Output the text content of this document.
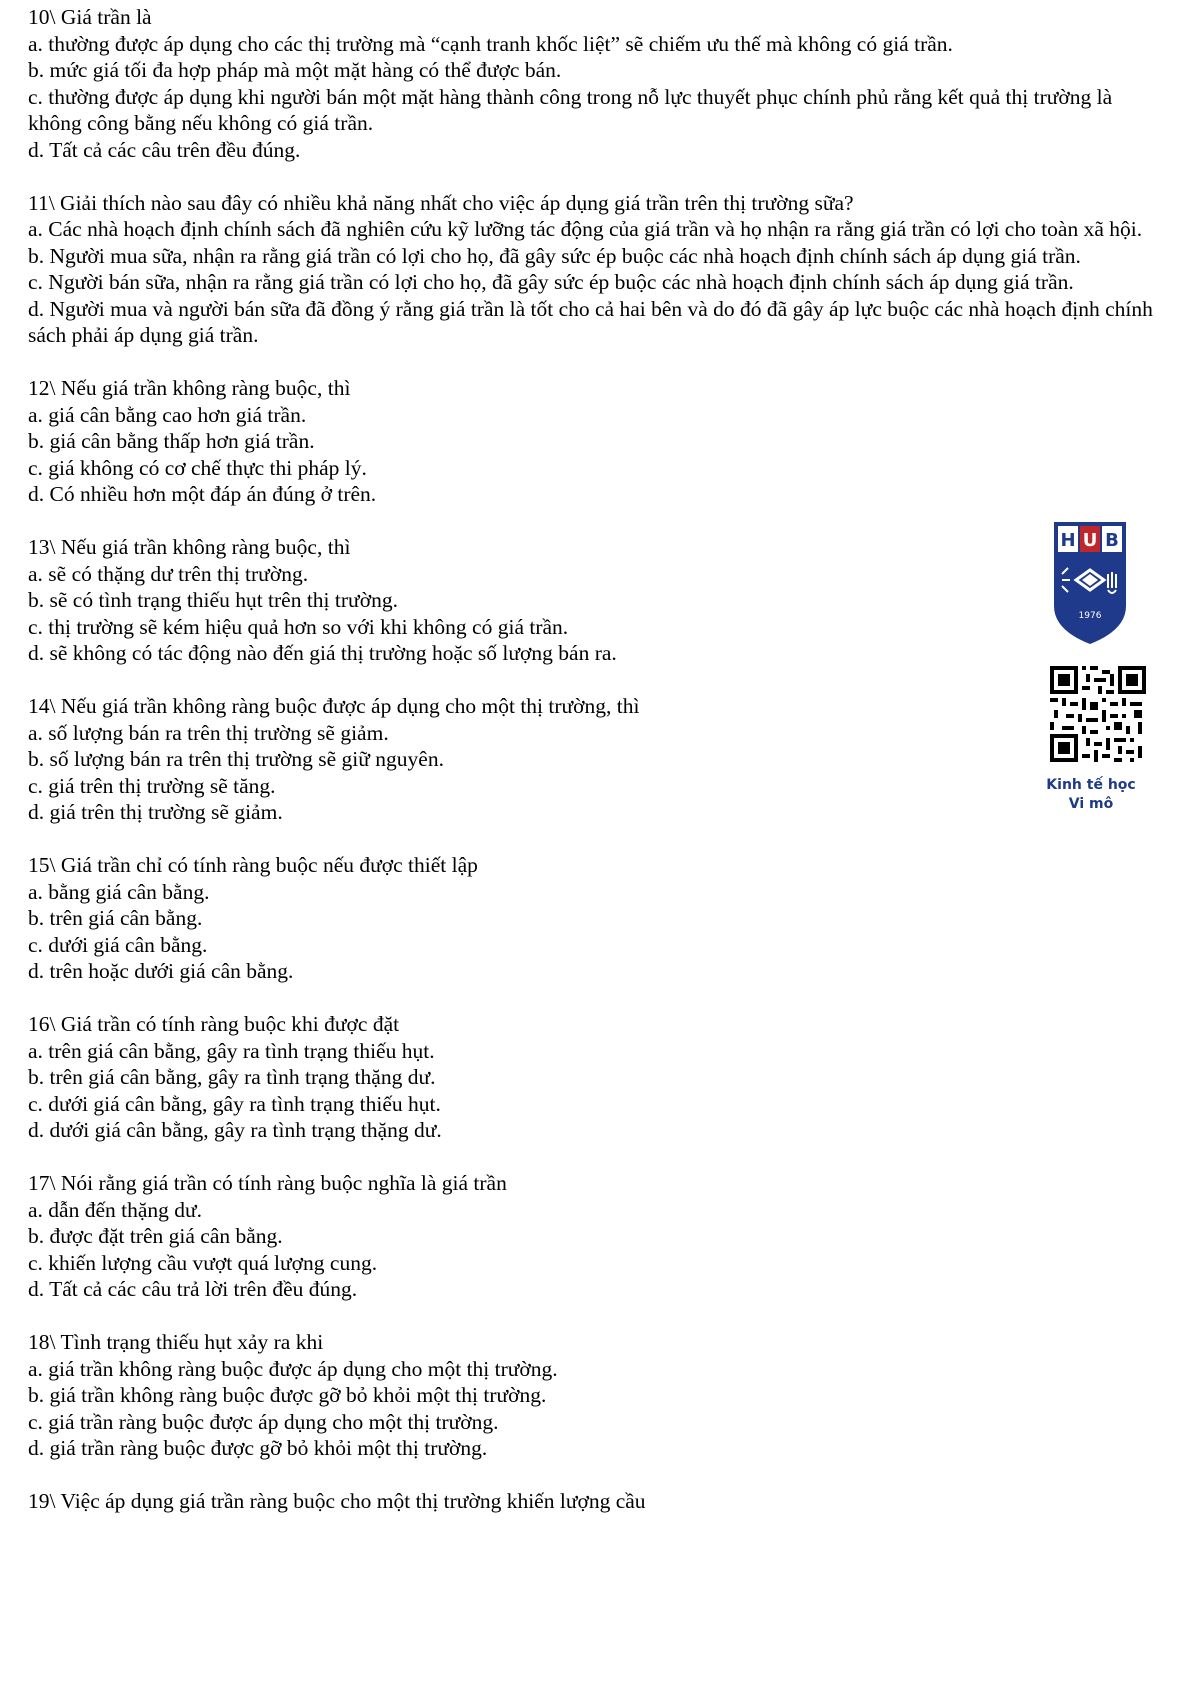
10\ Giá trần là

a. thường được áp dụng cho các thị trường mà “cạnh tranh khốc liệt” sẽ chiếm ưu thế mà không có giá trần.

b. mức giá tối đa hợp pháp mà một mặt hàng có thể được bán.

c. thường được áp dụng khi người bán một mặt hàng thành công trong nỗ lực thuyết phục chính phủ rằng kết quả thị trường là không công bằng nếu không có giá trần.

d. Tất cả các câu trên đều đúng.

11\ Giải thích nào sau đây có nhiều khả năng nhất cho việc áp dụng giá trần trên thị trường sữa?

a. Các nhà hoạch định chính sách đã nghiên cứu kỹ lưỡng tác động của giá trần và họ nhận ra rằng giá trần có lợi cho toàn xã hội.

b. Người mua sữa, nhận ra rằng giá trần có lợi cho họ, đã gây sức ép buộc các nhà hoạch định chính sách áp dụng giá trần.

c. Người bán sữa, nhận ra rằng giá trần có lợi cho họ, đã gây sức ép buộc các nhà hoạch định chính sách áp dụng giá trần.

d. Người mua và người bán sữa đã đồng ý rằng giá trần là tốt cho cả hai bên và do đó đã gây áp lực buộc các nhà hoạch định chính sách phải áp dụng giá trần.

12\ Nếu giá trần không ràng buộc, thì

a. giá cân bằng cao hơn giá trần.

b. giá cân bằng thấp hơn giá trần.

c. giá không có cơ chế thực thi pháp lý.

d. Có nhiều hơn một đáp án đúng ở trên.

13\ Nếu giá trần không ràng buộc, thì

a. sẽ có thặng dư trên thị trường.

b. sẽ có tình trạng thiếu hụt trên thị trường.

c. thị trường sẽ kém hiệu quả hơn so với khi không có giá trần.

d. sẽ không có tác động nào đến giá thị trường hoặc số lượng bán ra.

14\ Nếu giá trần không ràng buộc được áp dụng cho một thị trường, thì

a. số lượng bán ra trên thị trường sẽ giảm.

b. số lượng bán ra trên thị trường sẽ giữ nguyên.

c. giá trên thị trường sẽ tăng.

d. giá trên thị trường sẽ giảm.

15\ Giá trần chỉ có tính ràng buộc nếu được thiết lập

a. bằng giá cân bằng.

b. trên giá cân bằng.

c. dưới giá cân bằng.

d. trên hoặc dưới giá cân bằng.

16\ Giá trần có tính ràng buộc khi được đặt

a. trên giá cân bằng, gây ra tình trạng thiếu hụt.

b. trên giá cân bằng, gây ra tình trạng thặng dư.

c. dưới giá cân bằng, gây ra tình trạng thiếu hụt.

d. dưới giá cân bằng, gây ra tình trạng thặng dư.

17\ Nói rằng giá trần có tính ràng buộc nghĩa là giá trần

a. dẫn đến thặng dư.

b. được đặt trên giá cân bằng.

c. khiến lượng cầu vượt quá lượng cung.

d. Tất cả các câu trả lời trên đều đúng.

18\ Tình trạng thiếu hụt xảy ra khi

a. giá trần không ràng buộc được áp dụng cho một thị trường.

b. giá trần không ràng buộc được gỡ bỏ khỏi một thị trường.

c. giá trần ràng buộc được áp dụng cho một thị trường.

d. giá trần ràng buộc được gỡ bỏ khỏi một thị trường.

19\ Việc áp dụng giá trần ràng buộc cho một thị trường khiến lượng cầu

H U B
1976
Kinh tế học
Vi mô
